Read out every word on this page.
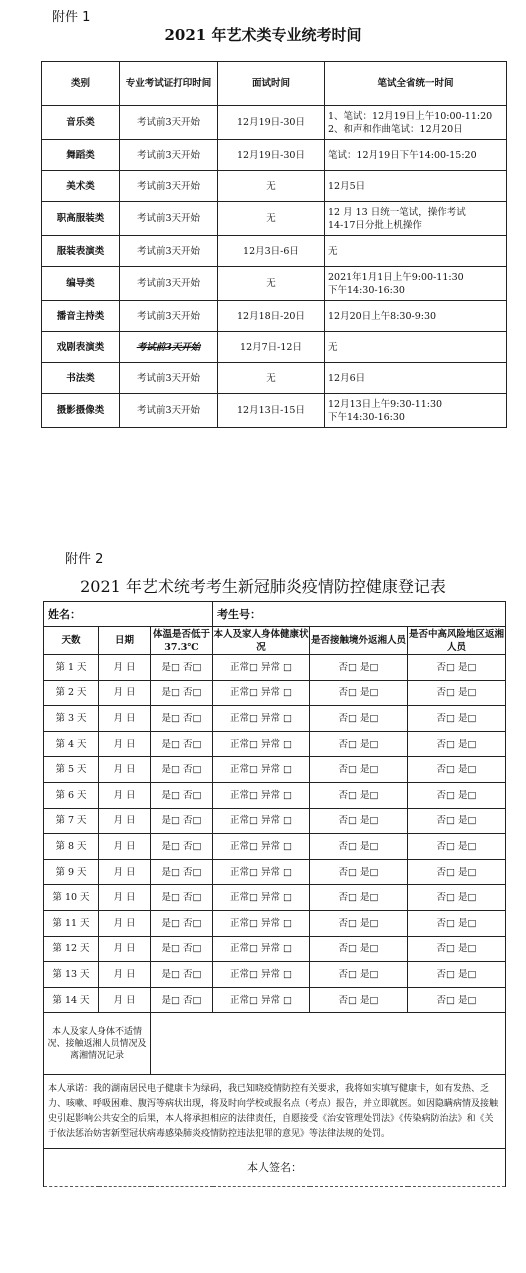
附件 1
2021 年艺术类专业统考时间
类别	专业考试证打印时间	面试时间	笔试全省统一时间
音乐类	考试前3天开始	12月19日-30日	1、笔试：12月19日上午10:00-11:20
2、和声和作曲笔试：12月20日

舞蹈类	考试前3天开始	12月19日-30日	笔试：12月19日下午14:00-15:20

美术类	考试前3天开始	无	12月5日

职高服装类	考试前3天开始	无	12 月 13 日统一笔试，操作考试
14-17日分批上机操作

服装表演类	考试前3天开始	12月3日-6日	无

编导类	考试前3天开始	无	2021年1月1日上午9:00-11:30
下午14:30-16:30

播音主持类	考试前3天开始	12月18日-20日	12月20日上午8:30-9:30

戏剧表演类	考试前3天开始	12月7日-12日	无

书法类	考试前3天开始	无	12月6日

摄影摄像类	考试前3天开始	12月13日-15日	12月13日上午9:30-11:30
下午14:30-16:30
附件 2
2021 年艺术统考考生新冠肺炎疫情防控健康登记表
姓名：			考生号：		
天数	日期	体温是否低于37.3℃	本人及家人身体健康状况	是否接触境外返湘人员	是否中高风险地区返湘人员
第 1 天	月 日	是□ 否□	正常□ 异常 □	否□ 是□	否□ 是□
第 2 天	月 日	是□ 否□	正常□ 异常 □	否□ 是□	否□ 是□
第 3 天	月 日	是□ 否□	正常□ 异常 □	否□ 是□	否□ 是□
第 4 天	月 日	是□ 否□	正常□ 异常 □	否□ 是□	否□ 是□
第 5 天	月 日	是□ 否□	正常□ 异常 □	否□ 是□	否□ 是□
第 6 天	月 日	是□ 否□	正常□ 异常 □	否□ 是□	否□ 是□
第 7 天	月 日	是□ 否□	正常□ 异常 □	否□ 是□	否□ 是□
第 8 天	月 日	是□ 否□	正常□ 异常 □	否□ 是□	否□ 是□
第 9 天	月 日	是□ 否□	正常□ 异常 □	否□ 是□	否□ 是□
第 10 天	月 日	是□ 否□	正常□ 异常 □	否□ 是□	否□ 是□
第 11 天	月 日	是□ 否□	正常□ 异常 □	否□ 是□	否□ 是□
第 12 天	月 日	是□ 否□	正常□ 异常 □	否□ 是□	否□ 是□
第 13 天	月 日	是□ 否□	正常□ 异常 □	否□ 是□	否□ 是□
第 14 天	月 日	是□ 否□	正常□ 异常 □	否□ 是□	否□ 是□
本人及家人身体不适情况、接触返湘人员情况及离湘情况记录					
本人承诺：我的湖南居民电子健康卡为绿码，我已知晓疫情防控有关要求，我将如实填写健康卡，如有发热、乏力、咳嗽、呼吸困难、腹泻等病状出现，将及时向学校或报名点（考点）报告，并立即就医。如因隐瞒病情及接触史引起影响公共安全的后果，本人将承担相应的法律责任，自愿接受《治安管理处罚法》《传染病防治法》和《关于依法惩治妨害新型冠状病毒感染肺炎疫情防控违法犯罪的意见》等法律法规的处罚。					
本人签名：					
